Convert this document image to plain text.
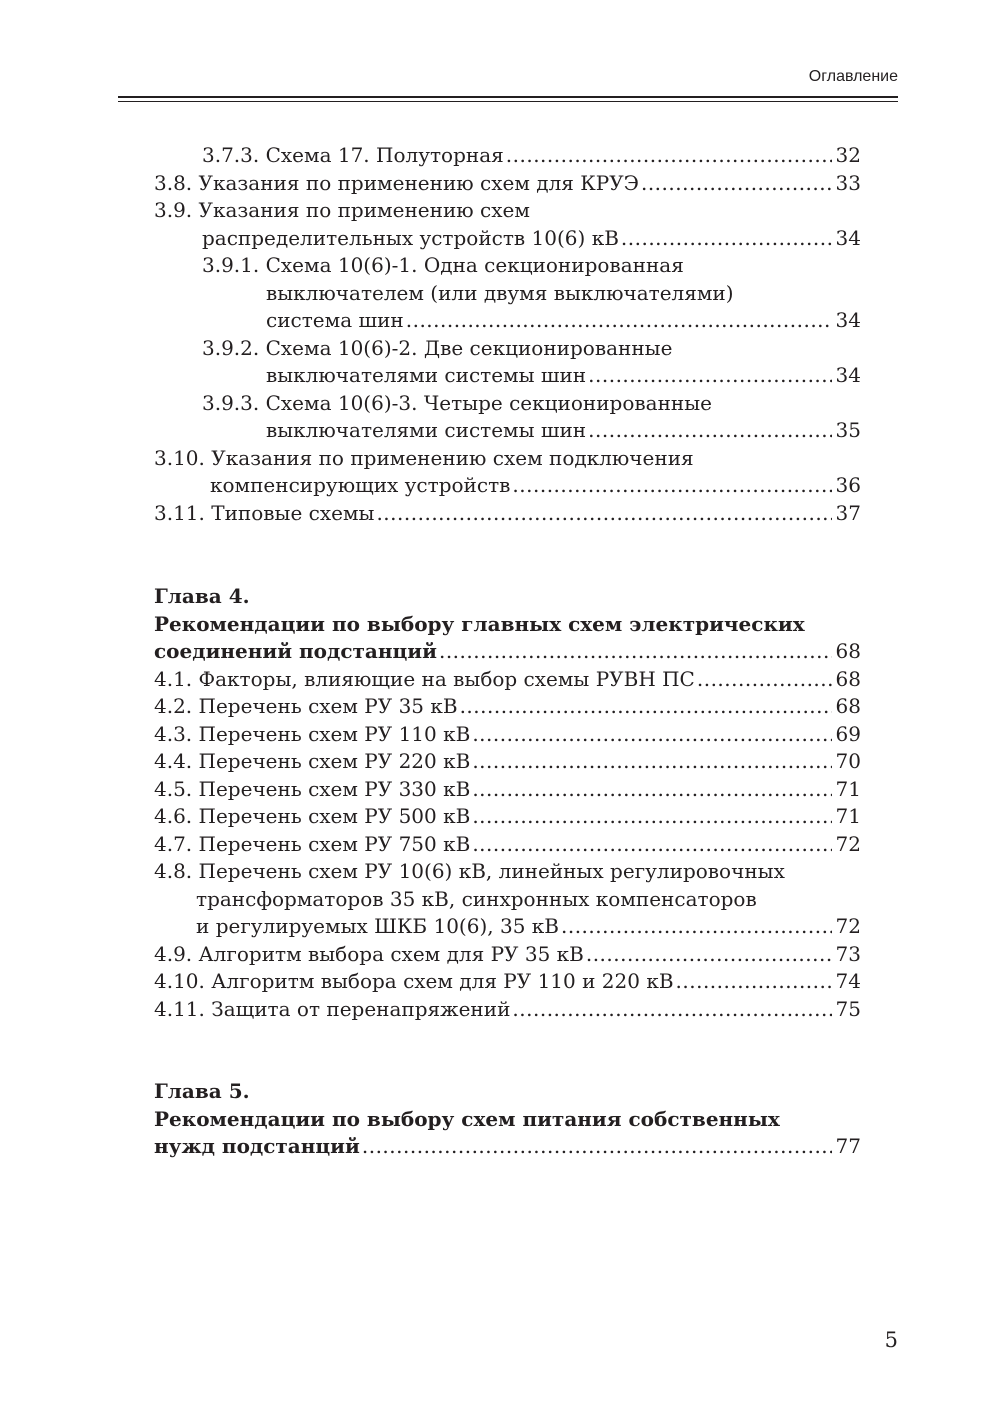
Оглавление
3.7.3. Схема 17. Полуторная .....	32
3.8. Указания по применению схем для КРУЭ .....	33
3.9. Указания по применению схем
распределительных устройств 10(6) кВ .....	34
3.9.1. Схема 10(6)-1. Одна секционированная
выключателем (или двумя выключателями)
система шин .....	34
3.9.2. Схема 10(6)-2. Две секционированные
выключателями системы шин .....	34
3.9.3. Схема 10(6)-3. Четыре секционированные
выключателями системы шин .....	35
3.10. Указания по применению схем подключения
компенсирующих устройств .....	36
3.11. Типовые схемы .....	37
Глава 4.
Рекомендации по выбору главных схем электрических
соединений подстанций .....	68
4.1. Факторы, влияющие на выбор схемы РУВН ПС .....	68
4.2. Перечень схем РУ 35 кВ .....	68
4.3. Перечень схем РУ 110 кВ .....	69
4.4. Перечень схем РУ 220 кВ .....	70
4.5. Перечень схем РУ 330 кВ .....	71
4.6. Перечень схем РУ 500 кВ .....	71
4.7. Перечень схем РУ 750 кВ .....	72
4.8. Перечень схем РУ 10(6) кВ, линейных регулировочных
трансформаторов 35 кВ, синхронных компенсаторов
и регулируемых ШКБ 10(6), 35 кВ .....	72
4.9. Алгоритм выбора схем для РУ 35 кВ .....	73
4.10. Алгоритм выбора схем для РУ 110 и 220 кВ .....	74
4.11. Защита от перенапряжений .....	75
Глава 5.
Рекомендации по выбору схем питания собственных
нужд подстанций .....	77
5
